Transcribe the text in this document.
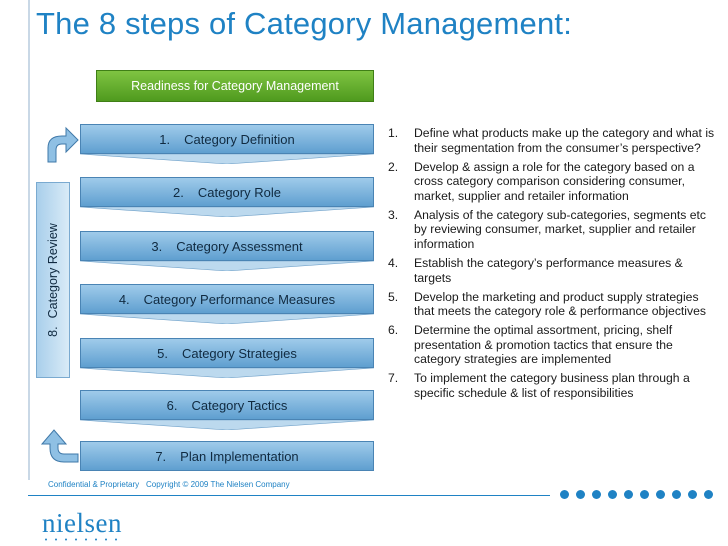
The 8 steps of Category Management:
Readiness for Category Management
1. Category Definition
2. Category Role
3. Category Assessment
4. Category Performance Measures
5. Category Strategies
6. Category Tactics
7. Plan Implementation
8.Category Review
1. Define what products make up the category and what is their segmentation from the consumer’s perspective?
2. Develop & assign a role for the category based on a cross category comparison considering consumer, market, supplier and retailer information
3. Analysis of the category sub-categories, segments etc by reviewing consumer, market, supplier and retailer information
4. Establish the category’s performance measures & targets
5. Develop the marketing and product supply strategies that meets the category role & performance objectives
6. Determine the optimal assortment, pricing, shelf presentation & promotion tactics that ensure the category strategies are implemented
7. To implement the category business plan through a specific schedule & list of responsibilities
Confidential & Proprietary Copyright © 2009 The Nielsen Company
nielsen
